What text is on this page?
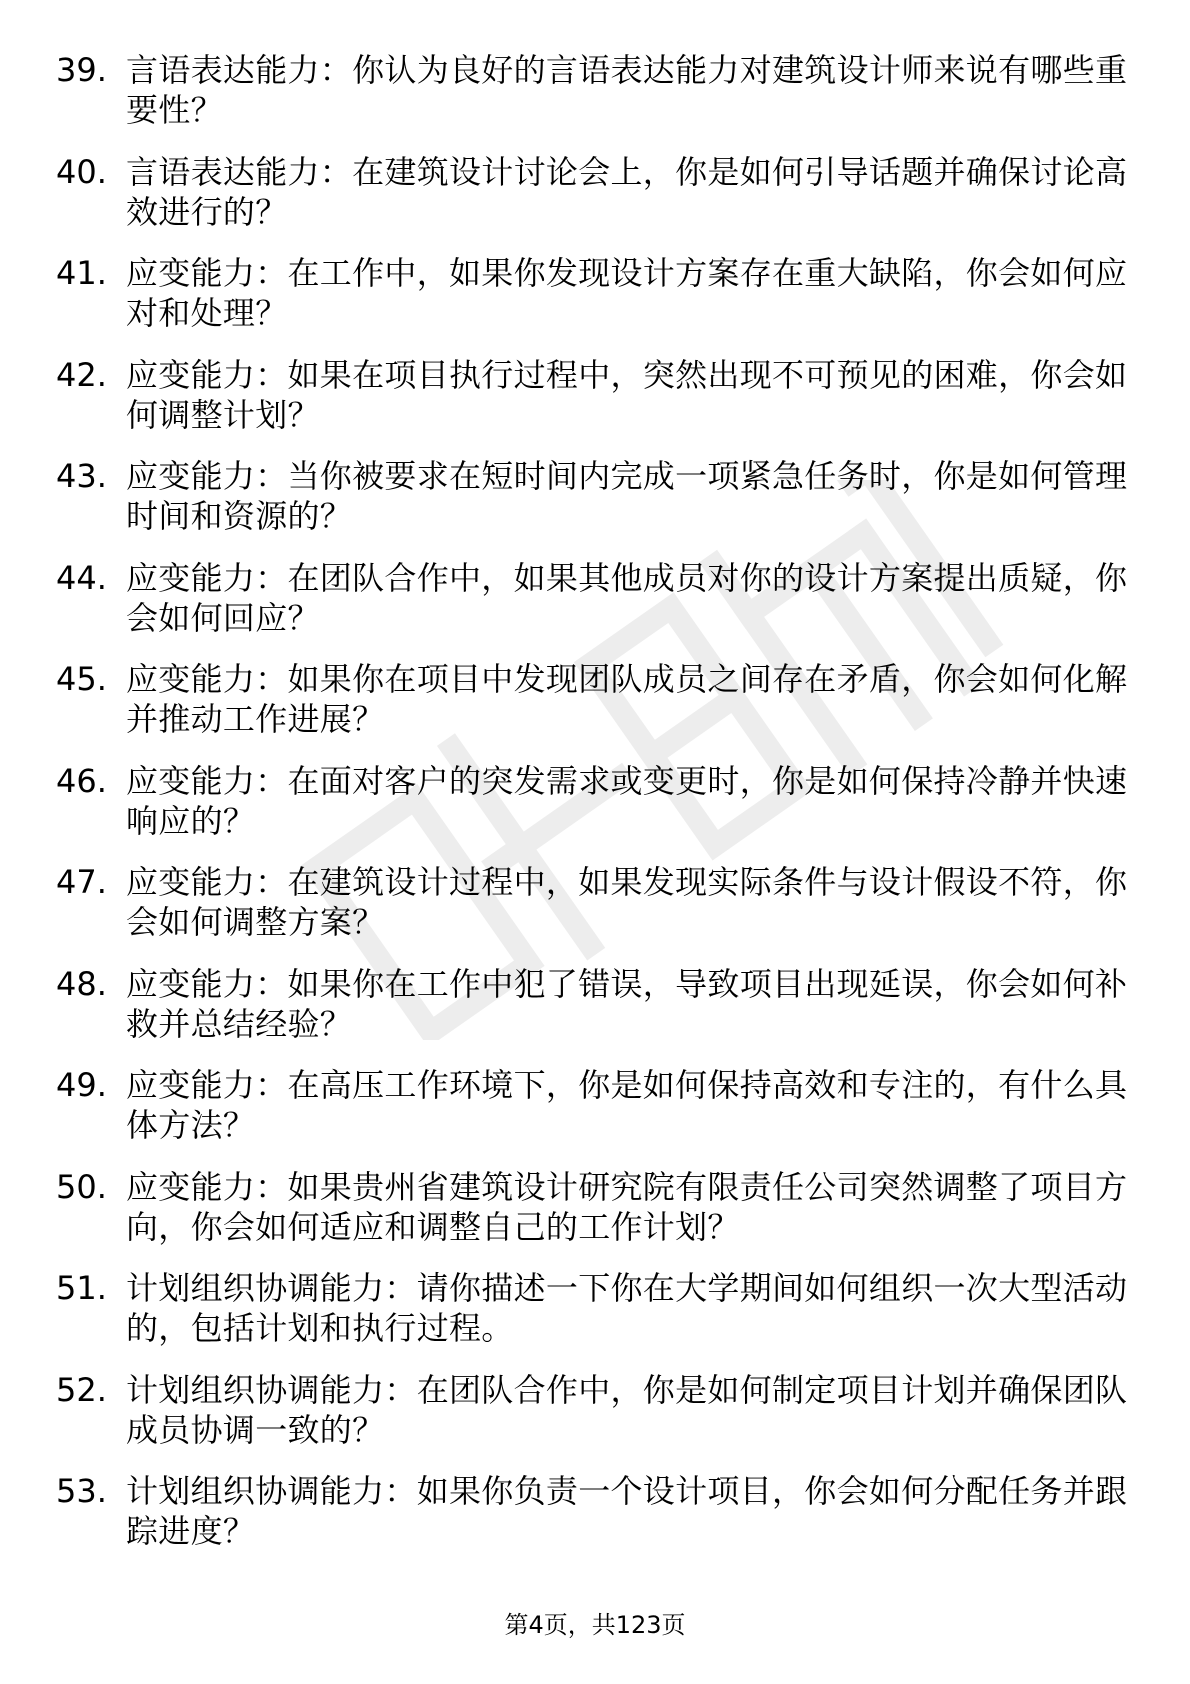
39. 言语表达能力：你认为良好的言语表达能力对建筑设计师来说有哪些重要性？
40. 言语表达能力：在建筑设计讨论会上，你是如何引导话题并确保讨论高效进行的？
41. 应变能力：在工作中，如果你发现设计方案存在重大缺陷，你会如何应对和处理？
42. 应变能力：如果在项目执行过程中，突然出现不可预见的困难，你会如何调整计划？
43. 应变能力：当你被要求在短时间内完成一项紧急任务时，你是如何管理时间和资源的？
44. 应变能力：在团队合作中，如果其他成员对你的设计方案提出质疑，你会如何回应？
45. 应变能力：如果你在项目中发现团队成员之间存在矛盾，你会如何化解并推动工作进展？
46. 应变能力：在面对客户的突发需求或变更时，你是如何保持冷静并快速响应的？
47. 应变能力：在建筑设计过程中，如果发现实际条件与设计假设不符，你会如何调整方案？
48. 应变能力：如果你在工作中犯了错误，导致项目出现延误，你会如何补救并总结经验？
49. 应变能力：在高压工作环境下，你是如何保持高效和专注的，有什么具体方法？
50. 应变能力：如果贵州省建筑设计研究院有限责任公司突然调整了项目方向，你会如何适应和调整自己的工作计划？
51. 计划组织协调能力：请你描述一下你在大学期间如何组织一次大型活动的，包括计划和执行过程。
52. 计划组织协调能力：在团队合作中，你是如何制定项目计划并确保团队成员协调一致的？
53. 计划组织协调能力：如果你负责一个设计项目，你会如何分配任务并跟踪进度？
第4页，共123页
